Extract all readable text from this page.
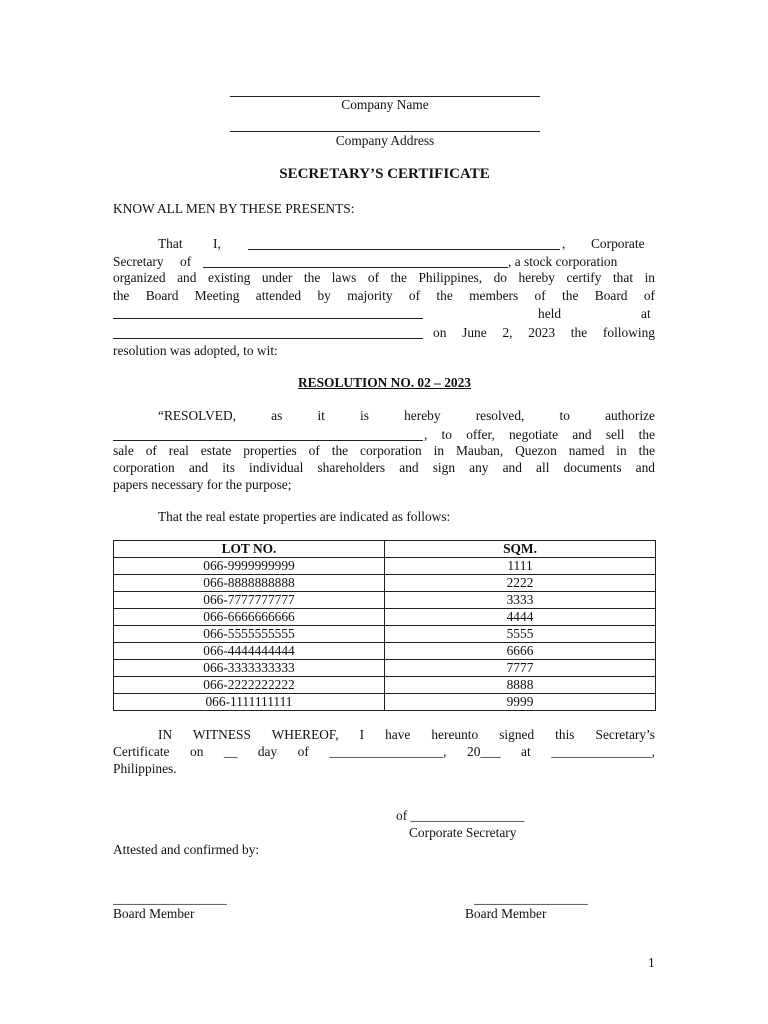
Company Name
Company Address
SECRETARY’S CERTIFICATE
KNOW ALL MEN BY THESE PRESENTS:
That I,	, Corporate
Secretary of	, a stock corporation
organized and existing under the laws of the Philippines, do hereby certify that in
the Board Meeting attended by majority of the members of the Board of
held	at
on June 2, 2023 the following
resolution was adopted, to wit:
RESOLUTION NO. 02 – 2023
“RESOLVED,	as	it	is	hereby	resolved,	to	authorize
, to offer, negotiate and sell the
sale of real estate properties of the corporation in Mauban, Quezon named in the
corporation and its individual shareholders and sign any and all documents and
papers necessary for the purpose;
That the real estate properties are indicated as follows:
LOT NO.	SQM.
066-9999999999	1111
066-8888888888	2222
066-7777777777	3333
066-6666666666	4444
066-5555555555	5555
066-4444444444	6666
066-3333333333	7777
066-2222222222	8888
066-1111111111	9999
IN WITNESS WHEREOF, I have hereunto signed this Secretary’s
Certificate on __ day of _________________, 20___ at _______________,
Philippines.
of _________________
Corporate Secretary
Attested and confirmed by:
_________________
Board Member
_________________
Board Member
1
